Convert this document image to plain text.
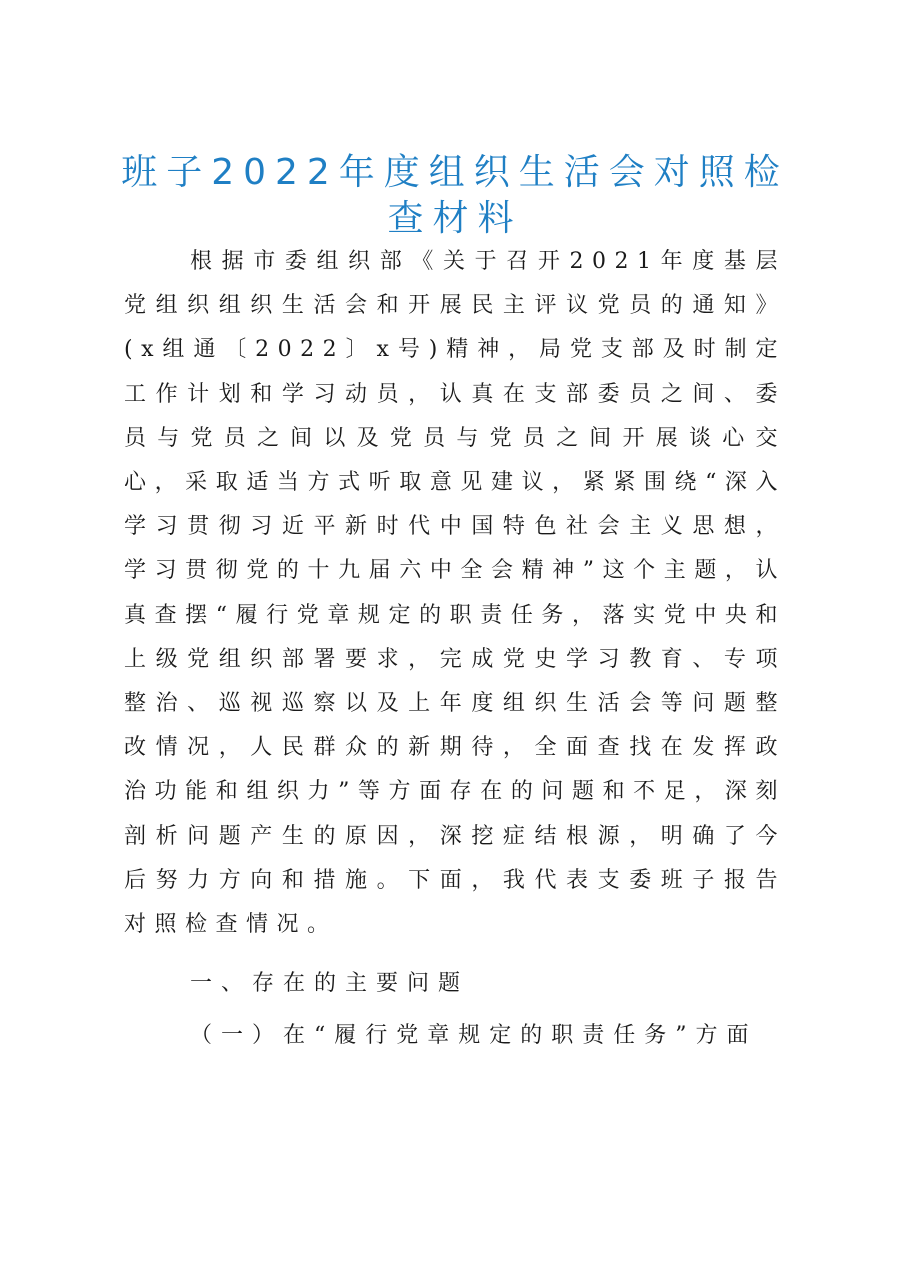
班子2022年度组织生活会对照检查材料

根据市委组织部《关于召开2021年度基层党组织组织生活会和开展民主评议党员的通知》(x组通〔2022〕x号)精神，局党支部及时制定工作计划和学习动员，认真在支部委员之间、委员与党员之间以及党员与党员之间开展谈心交心，采取适当方式听取意见建议，紧紧围绕“深入学习贯彻习近平新时代中国特色社会主义思想，学习贯彻党的十九届六中全会精神”这个主题，认真查摆“履行党章规定的职责任务，落实党中央和上级党组织部署要求，完成党史学习教育、专项整治、巡视巡察以及上年度组织生活会等问题整改情况，人民群众的新期待，全面查找在发挥政治功能和组织力”等方面存在的问题和不足，深刻剖析问题产生的原因，深挖症结根源，明确了今后努力方向和措施。下面，我代表支委班子报告对照检查情况。

一、存在的主要问题

（一）在“履行党章规定的职责任务”方面
